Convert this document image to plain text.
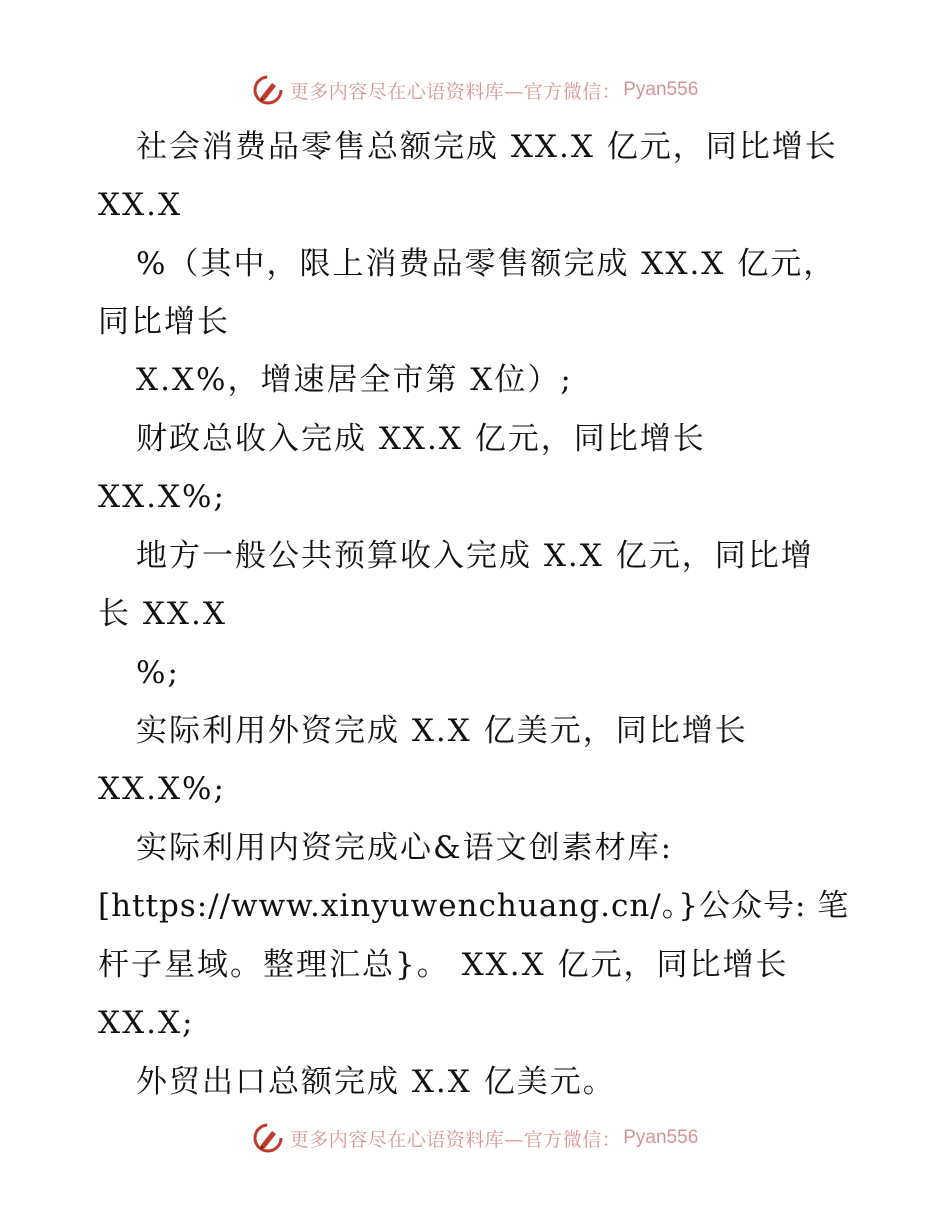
更多内容尽在心语资料库—官方微信： Pyan556
社会消费品零售总额完成 XX.X 亿元，同比增长
XX.X
%（其中，限上消费品零售额完成 XX.X 亿元，
同比增长
X.X%，增速居全市第 X位）;
财政总收入完成 XX.X 亿元，同比增长
XX.X%;
地方一般公共预算收入完成 X.X 亿元，同比增
长 XX.X
%;
实际利用外资完成 X.X 亿美元，同比增长
XX.X%;
实际利用内资完成心&语文创素材库:
[https://www.xinyuwenchuang.cn/。}公众号: 笔
杆子星域。整理汇总}。 XX.X 亿元，同比增长
XX.X;
外贸出口总额完成 X.X 亿美元。
更多内容尽在心语资料库—官方微信： Pyan556
